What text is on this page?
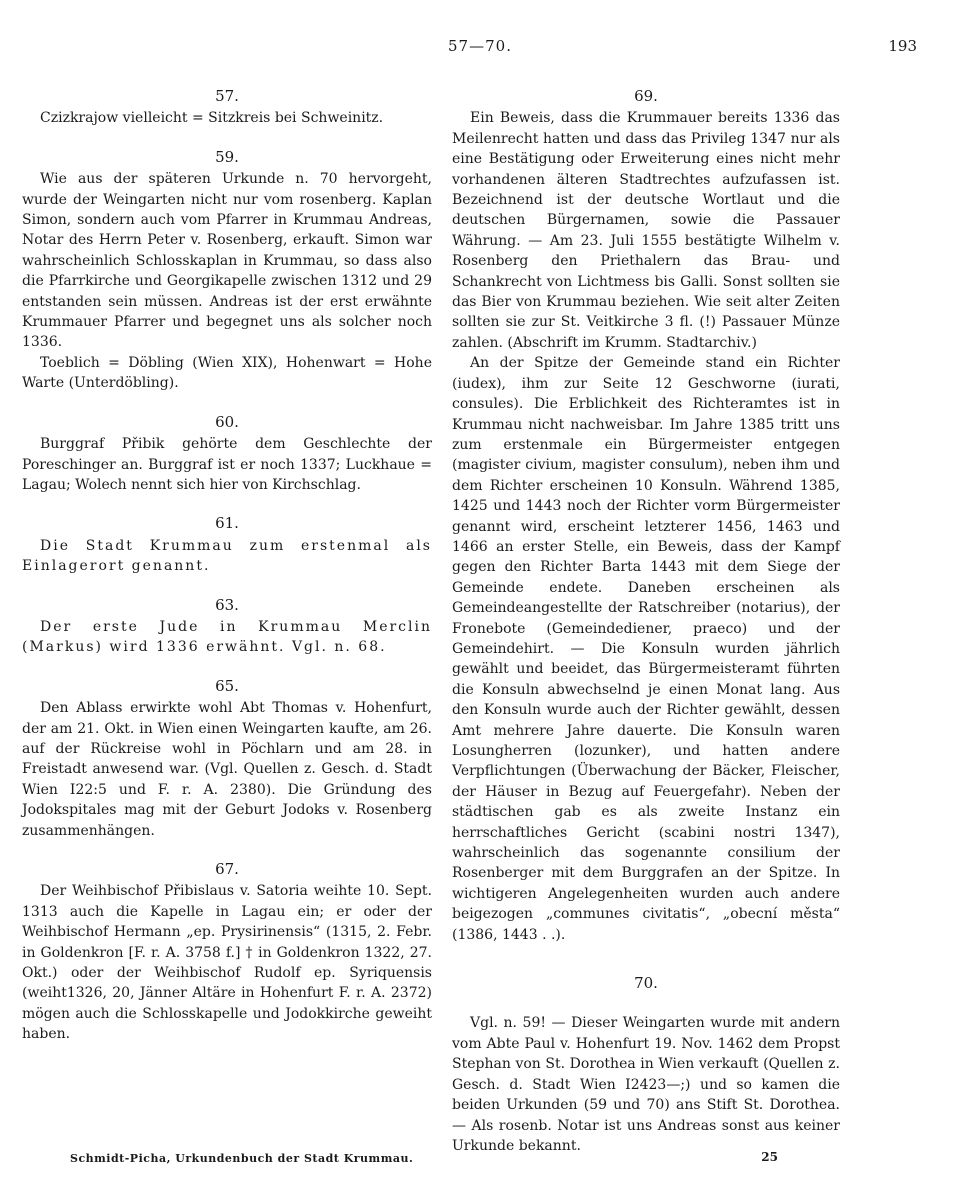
57—70.	193
57.

Czizkrajow vielleicht = Sitzkreis bei Schweinitz.

59.

Wie aus der späteren Urkunde n. 70 hervorgeht, wurde der Weingarten nicht nur vom rosenberg. Kaplan Simon, sondern auch vom Pfarrer in Krummau Andreas, Notar des Herrn Peter v. Rosenberg, erkauft. Simon war wahrscheinlich Schlosskaplan in Krummau, so dass also die Pfarrkirche und Georgikapelle zwischen 1312 und 29 entstanden sein müssen. Andreas ist der erst erwähnte Krummauer Pfarrer und begegnet uns als solcher noch 1336.

Toeblich = Döbling (Wien XIX), Hohenwart = Hohe Warte (Unterdöbling).

60.

Burggraf Přibik gehörte dem Geschlechte der Poreschinger an. Burggraf ist er noch 1337; Luckhaue = Lagau; Wolech nennt sich hier von Kirchschlag.

61.

Die Stadt Krummau zum erstenmal als Einlagerort genannt.

63.

Der erste Jude in Krummau Merclin (Markus) wird 1336 erwähnt. Vgl. n. 68.

65.

Den Ablass erwirkte wohl Abt Thomas v. Hohenfurt, der am 21. Okt. in Wien einen Weingarten kaufte, am 26. auf der Rückreise wohl in Pöchlarn und am 28. in Freistadt anwesend war. (Vgl. Quellen z. Gesch. d. Stadt Wien I22:5 und F. r. A. 2380). Die Gründung des Jodokspitales mag mit der Geburt Jodoks v. Rosenberg zusammenhängen.

67.

Der Weihbischof Přibislaus v. Satoria weihte 10. Sept. 1313 auch die Kapelle in Lagau ein; er oder der Weihbischof Hermann „ep. Prysirinensis“ (1315, 2. Febr. in Goldenkron [F. r. A. 3758 f.] † in Goldenkron 1322, 27. Okt.) oder der Weihbischof Rudolf ep. Syriquensis (weiht1326, 20, Jänner Altäre in Hohenfurt F. r. A. 2372) mögen auch die Schlosskapelle und Jodokkirche geweiht haben.

69.

Ein Beweis, dass die Krummauer bereits 1336 das Meilenrecht hatten und dass das Privileg 1347 nur als eine Bestätigung oder Erweiterung eines nicht mehr vorhandenen älteren Stadtrechtes aufzufassen ist. Bezeichnend ist der deutsche Wortlaut und die deutschen Bürgernamen, sowie die Passauer Währung. — Am 23. Juli 1555 bestätigte Wilhelm v. Rosenberg den Priethalern das Brau- und Schankrecht von Lichtmess bis Galli. Sonst sollten sie das Bier von Krummau beziehen. Wie seit alter Zeiten sollten sie zur St. Veitkirche 3 fl. (!) Passauer Münze zahlen. (Abschrift im Krumm. Stadtarchiv.)

An der Spitze der Gemeinde stand ein Richter (iudex), ihm zur Seite 12 Geschworne (iurati, consules). Die Erblichkeit des Richteramtes ist in Krummau nicht nachweisbar. Im Jahre 1385 tritt uns zum erstenmale ein Bürgermeister entgegen (magister civium, magister consulum), neben ihm und dem Richter erscheinen 10 Konsuln. Während 1385, 1425 und 1443 noch der Richter vorm Bürgermeister genannt wird, erscheint letzterer 1456, 1463 und 1466 an erster Stelle, ein Beweis, dass der Kampf gegen den Richter Barta 1443 mit dem Siege der Gemeinde endete. Daneben erscheinen als Gemeindeangestellte der Ratschreiber (notarius), der Fronebote (Gemeindediener, praeco) und der Gemeindehirt. — Die Konsuln wurden jährlich gewählt und beeidet, das Bürgermeisteramt führten die Konsuln abwechselnd je einen Monat lang. Aus den Konsuln wurde auch der Richter gewählt, dessen Amt mehrere Jahre dauerte. Die Konsuln waren Losungherren (lozunker), und hatten andere Verpflichtungen (Überwachung der Bäcker, Fleischer, der Häuser in Bezug auf Feuergefahr). Neben der städtischen gab es als zweite Instanz ein herrschaftliches Gericht (scabini nostri 1347), wahrscheinlich das sogenannte consilium der Rosenberger mit dem Burggrafen an der Spitze. In wichtigeren Angelegenheiten wurden auch andere beigezogen „communes civitatis“, „obecní města“ (1386, 1443 . .).

70.

Vgl. n. 59! — Dieser Weingarten wurde mit andern vom Abte Paul v. Hohenfurt 19. Nov. 1462 dem Propst Stephan von St. Dorothea in Wien verkauft (Quellen z. Gesch. d. Stadt Wien I2423—;) und so kamen die beiden Urkunden (59 und 70) ans Stift St. Dorothea. — Als rosenb. Notar ist uns Andreas sonst aus keiner Urkunde bekannt.

Schmidt-Picha, Urkundenbuch der Stadt Krummau.	25
